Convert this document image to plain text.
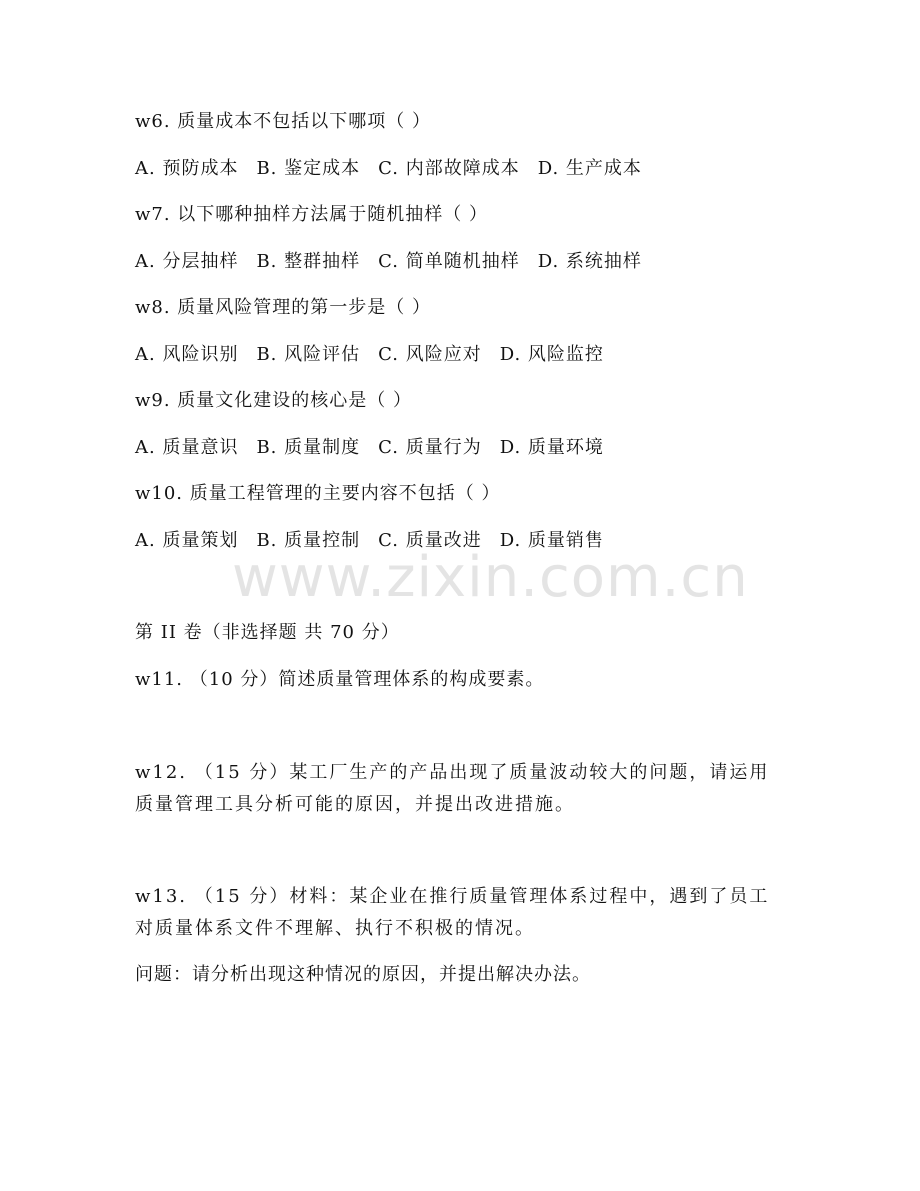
www.zixin.com.cn
w6. 质量成本不包括以下哪项（ ）
A. 预防成本 B. 鉴定成本 C. 内部故障成本 D. 生产成本
w7. 以下哪种抽样方法属于随机抽样（ ）
A. 分层抽样 B. 整群抽样 C. 简单随机抽样 D. 系统抽样
w8. 质量风险管理的第一步是（ ）
A. 风险识别 B. 风险评估 C. 风险应对 D. 风险监控
w9. 质量文化建设的核心是（ ）
A. 质量意识 B. 质量制度 C. 质量行为 D. 质量环境
w10. 质量工程管理的主要内容不包括（ ）
A. 质量策划 B. 质量控制 C. 质量改进 D. 质量销售
第 II 卷（非选择题 共 70 分）
w11. （10 分）简述质量管理体系的构成要素。
w12. （15 分）某工厂生产的产品出现了质量波动较大的问题，请运用质量管理工具分析可能的原因，并提出改进措施。
w13. （15 分）材料：某企业在推行质量管理体系过程中，遇到了员工对质量体系文件不理解、执行不积极的情况。
问题：请分析出现这种情况的原因，并提出解决办法。
